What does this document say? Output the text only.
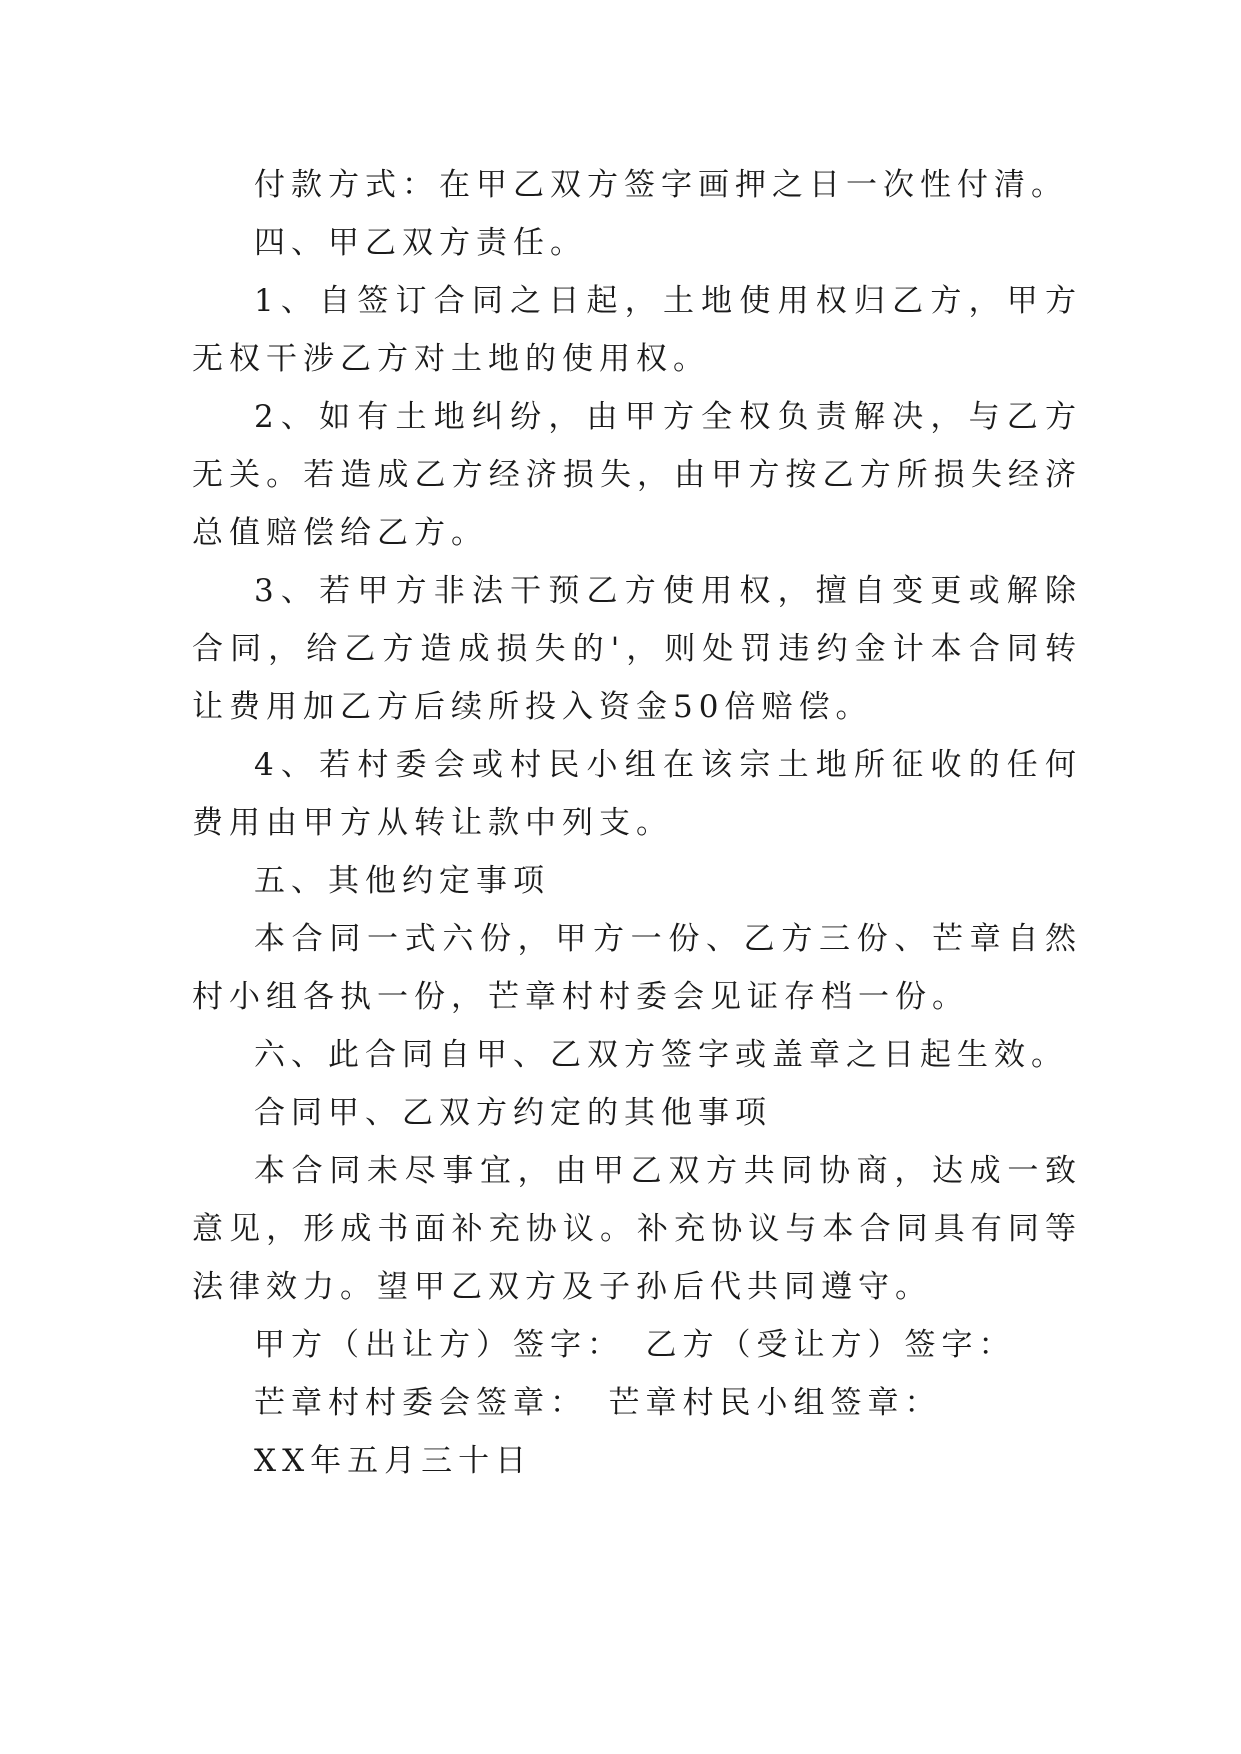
付款方式：在甲乙双方签字画押之日一次性付清。

四、甲乙双方责任。

1、自签订合同之日起，土地使用权归乙方，甲方无权干涉乙方对土地的使用权。

2、如有土地纠纷，由甲方全权负责解决，与乙方无关。若造成乙方经济损失，由甲方按乙方所损失经济总值赔偿给乙方。

3、若甲方非法干预乙方使用权，擅自变更或解除合同，给乙方造成损失的'，则处罚违约金计本合同转让费用加乙方后续所投入资金50倍赔偿。

4、若村委会或村民小组在该宗土地所征收的任何费用由甲方从转让款中列支。

五、其他约定事项

本合同一式六份，甲方一份、乙方三份、芒章自然村小组各执一份，芒章村村委会见证存档一份。

六、此合同自甲、乙双方签字或盖章之日起生效。

合同甲、乙双方约定的其他事项

本合同未尽事宜，由甲乙双方共同协商，达成一致意见，形成书面补充协议。补充协议与本合同具有同等法律效力。望甲乙双方及子孙后代共同遵守。

甲方（出让方）签字：　乙方（受让方）签字：

芒章村村委会签章：　芒章村民小组签章：

XX年五月三十日
